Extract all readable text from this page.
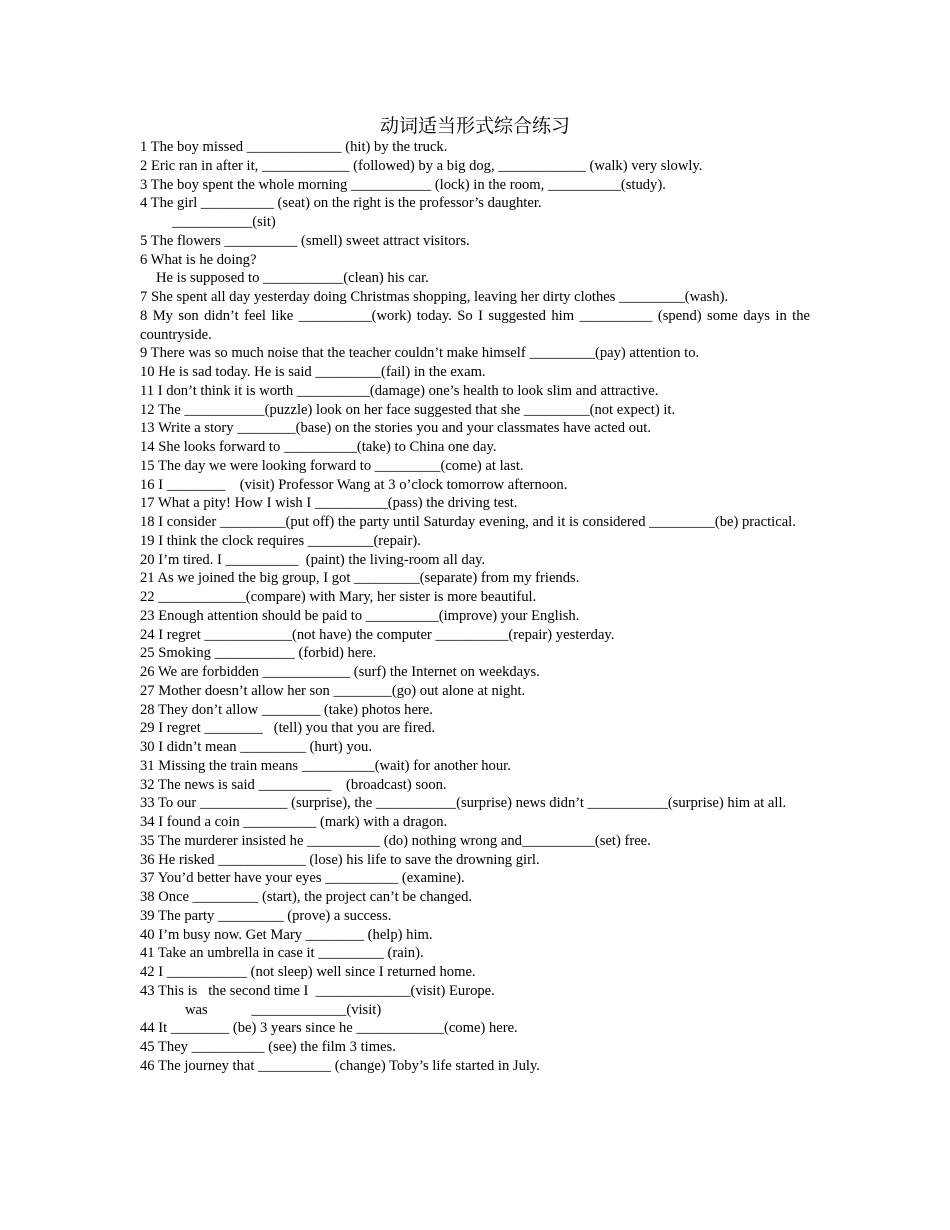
动词适当形式综合练习
1 The boy missed _____________ (hit) by the truck.
2 Eric ran in after it, ____________ (followed) by a big dog, ____________ (walk) very slowly.
3 The boy spent the whole morning ___________ (lock) in the room, __________(study).
4 The girl __________ (seat) on the right is the professor’s daughter.
___________(sit)
5 The flowers __________ (smell) sweet attract visitors.
6 What is he doing?
He is supposed to ___________(clean) his car.
7 She spent all day yesterday doing Christmas shopping, leaving her dirty clothes _________(wash).
8 My son didn’t feel like __________(work) today. So I suggested him __________ (spend) some days in the countryside.
9 There was so much noise that the teacher couldn’t make himself _________(pay) attention to.
10 He is sad today. He is said _________(fail) in the exam.
11 I don’t think it is worth __________(damage) one’s health to look slim and attractive.
12 The ___________(puzzle) look on her face suggested that she _________(not expect) it.
13 Write a story ________(base) on the stories you and your classmates have acted out.
14 She looks forward to __________(take) to China one day.
15 The day we were looking forward to _________(come) at last.
16 I ________    (visit) Professor Wang at 3 o’clock tomorrow afternoon.
17 What a pity! How I wish I __________(pass) the driving test.
18 I consider _________(put off) the party until Saturday evening, and it is considered _________(be) practical.
19 I think the clock requires _________(repair).
20 I’m tired. I __________  (paint) the living-room all day.
21 As we joined the big group, I got _________(separate) from my friends.
22 ____________(compare) with Mary, her sister is more beautiful.
23 Enough attention should be paid to __________(improve) your English.
24 I regret ____________(not have) the computer __________(repair) yesterday.
25 Smoking ___________ (forbid) here.
26 We are forbidden ____________ (surf) the Internet on weekdays.
27 Mother doesn’t allow her son ________(go) out alone at night.
28 They don’t allow ________ (take) photos here.
29 I regret ________   (tell) you that you are fired.
30 I didn’t mean _________ (hurt) you.
31 Missing the train means __________(wait) for another hour.
32 The news is said __________    (broadcast) soon.
33 To our ____________ (surprise), the ___________(surprise) news didn’t ___________(surprise) him at all.
34 I found a coin __________ (mark) with a dragon.
35 The murderer insisted he __________ (do) nothing wrong and__________(set) free.
36 He risked ____________ (lose) his life to save the drowning girl.
37 You’d better have your eyes __________ (examine).
38 Once _________ (start), the project can’t be changed.
39 The party _________ (prove) a success.
40 I’m busy now. Get Mary ________ (help) him.
41 Take an umbrella in case it _________ (rain).
42 I ___________ (not sleep) well since I returned home.
43 This is   the second time I  _____________(visit) Europe.
was            _____________(visit)
44 It ________ (be) 3 years since he ____________(come) here.
45 They __________ (see) the film 3 times.
46 The journey that __________ (change) Toby’s life started in July.
